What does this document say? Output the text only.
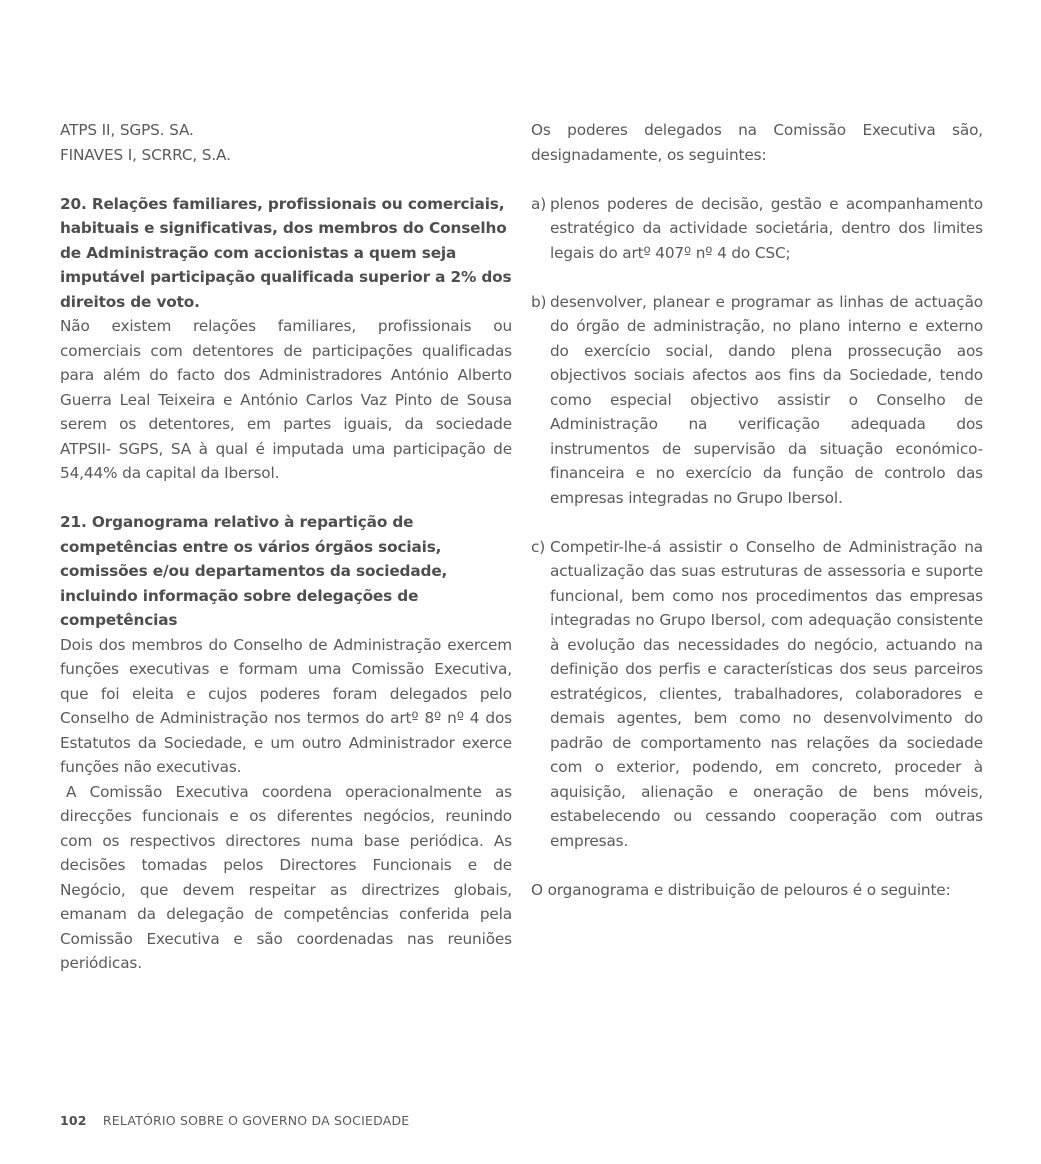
ATPS II, SGPS. SA.

FINAVES I, SCRRC, S.A.

20. Relações familiares, profissionais ou comerciais, habituais e significativas, dos membros do Conselho de Administração com accionistas a quem seja imputável participação qualificada superior a 2% dos direitos de voto.

Não existem relações familiares, profissionais ou comerciais com detentores de participações qualificadas para além do facto dos Administradores António Alberto Guerra Leal Teixeira e António Carlos Vaz Pinto de Sousa serem os detentores, em partes iguais, da sociedade ATPSII- SGPS, SA à qual é imputada uma participação de 54,44% da capital da Ibersol.

21. Organograma relativo à repartição de competências entre os vários órgãos sociais, comissões e/ou departamentos da sociedade, incluindo informação sobre delegações de competências

Dois dos membros do Conselho de Administração exercem funções executivas e formam uma Comissão Executiva, que foi eleita e cujos poderes foram delegados pelo Conselho de Administração nos termos do artº 8º nº 4 dos Estatutos da Sociedade, e um outro Administrador exerce funções não executivas.

A Comissão Executiva coordena operacionalmente as direcções funcionais e os diferentes negócios, reunindo com os respectivos directores numa base periódica. As decisões tomadas pelos Directores Funcionais e de Negócio, que devem respeitar as directrizes globais, emanam da delegação de competências conferida pela Comissão Executiva e são coordenadas nas reuniões periódicas.

Os poderes delegados na Comissão Executiva são, designadamente, os seguintes:

a) plenos poderes de decisão, gestão e acompanhamento estratégico da actividade societária, dentro dos limites legais do artº 407º nº 4 do CSC;
b) desenvolver, planear e programar as linhas de actuação do órgão de administração, no plano interno e externo do exercício social, dando plena prossecução aos objectivos sociais afectos aos fins da Sociedade, tendo como especial objectivo assistir o Conselho de Administração na verificação adequada dos instrumentos de supervisão da situação económico-financeira e no exercício da função de controlo das empresas integradas no Grupo Ibersol.
c) Competir-lhe-á assistir o Conselho de Administração na actualização das suas estruturas de assessoria e suporte funcional, bem como nos procedimentos das empresas integradas no Grupo Ibersol, com adequação consistente à evolução das necessidades do negócio, actuando na definição dos perfis e características dos seus parceiros estratégicos, clientes, trabalhadores, colaboradores e demais agentes, bem como no desenvolvimento do padrão de comportamento nas relações da sociedade com o exterior, podendo, em concreto, proceder à aquisição, alienação e oneração de bens móveis, estabelecendo ou cessando cooperação com outras empresas.

O organograma e distribuição de pelouros é o seguinte:

102 RELATÓRIO SOBRE O GOVERNO DA SOCIEDADE
